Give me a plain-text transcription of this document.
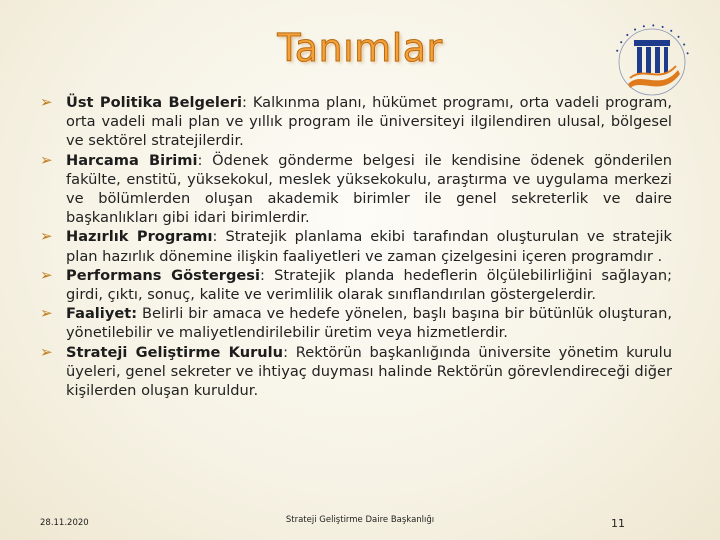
Tanımlar	• • • • • • • • • • •
➢ Üst Politika Belgeleri: Kalkınma planı, hükümet programı, orta vadeli program, orta vadeli mali plan ve yıllık program ile üniversiteyi ilgilendiren ulusal, bölgesel ve sektörel stratejilerdir.
➢ Harcama Birimi: Ödenek gönderme belgesi ile kendisine ödenek gönderilen fakülte, enstitü, yüksekokul, meslek yüksekokulu, araştırma ve uygulama merkezi ve bölümlerden oluşan akademik birimler ile genel sekreterlik ve daire başkanlıkları gibi idari birimlerdir.
➢ Hazırlık Programı: Stratejik planlama ekibi tarafından oluşturulan ve stratejik plan hazırlık dönemine ilişkin faaliyetleri ve zaman çizelgesini içeren programdır .
➢ Performans Göstergesi: Stratejik planda hedeflerin ölçülebilirliğini sağlayan; girdi, çıktı, sonuç, kalite ve verimlilik olarak sınıflandırılan göstergelerdir.
➢ Faaliyet: Belirli bir amaca ve hedefe yönelen, başlı başına bir bütünlük oluşturan, yönetilebilir ve maliyetlendirilebilir üretim veya hizmetlerdir.
➢ Strateji Geliştirme Kurulu: Rektörün başkanlığında üniversite yönetim kurulu üyeleri, genel sekreter ve ihtiyaç duyması halinde Rektörün görevlendireceği diğer kişilerden oluşan kuruldur.
28.11.2020	Strateji Geliştirme Daire Başkanlığı	11
